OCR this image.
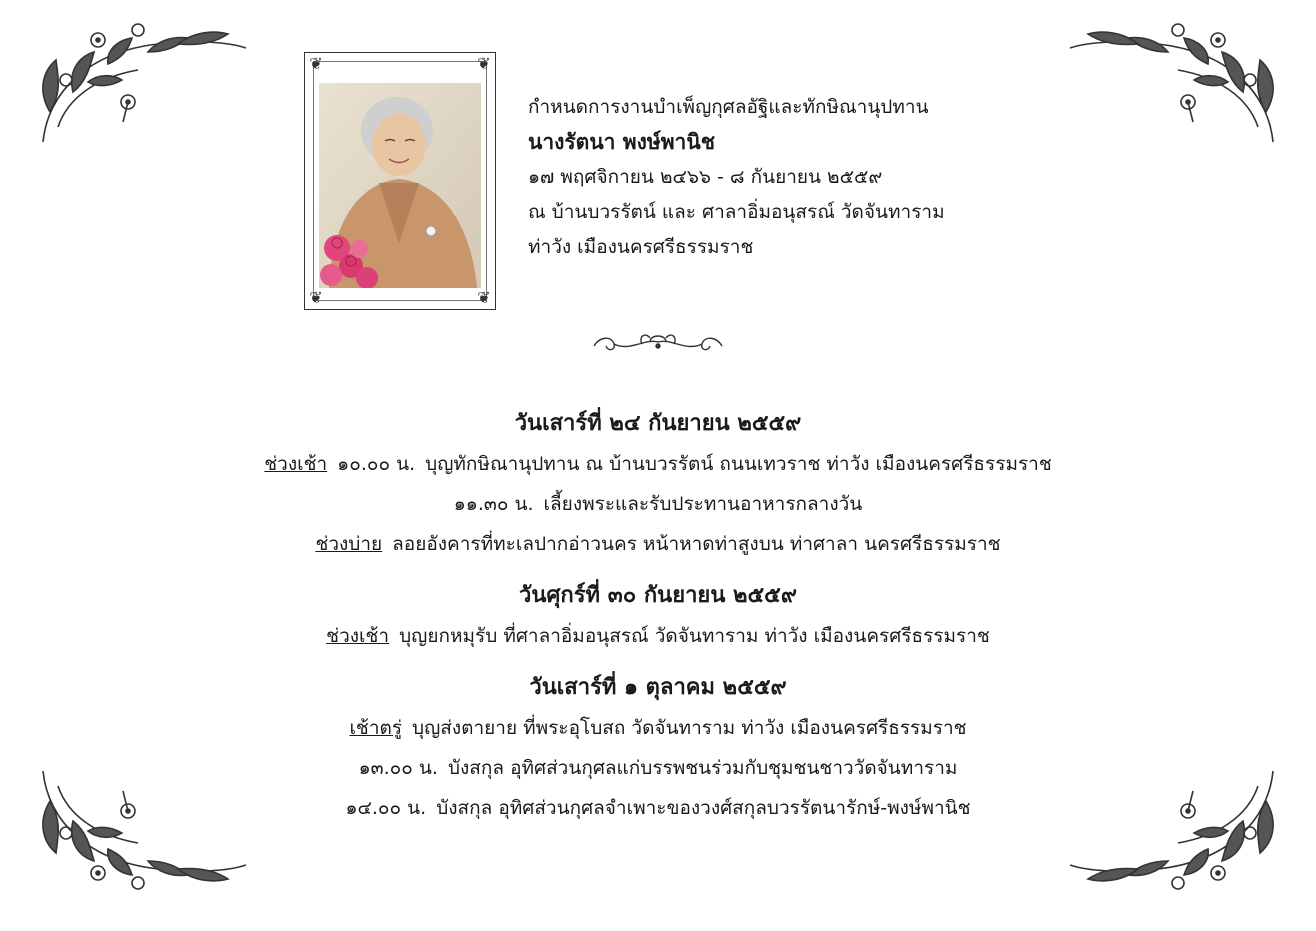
❦	❦
❦	❦
กำหนดการงานบำเพ็ญกุศลอัฐิและทักษิณานุปทาน
นางรัตนา พงษ์พานิช
๑๗ พฤศจิกายน ๒๔๖๖ - ๘ กันยายน ๒๕๕๙
ณ บ้านบวรรัตน์ และ ศาลาอิ่มอนุสรณ์ วัดจันทาราม
ท่าวัง เมืองนครศรีธรรมราช
วันเสาร์ที่ ๒๔ กันยายน ๒๕๕๙
ช่วงเช้า ๑๐.๐๐ น. บุญทักษิณานุปทาน ณ บ้านบวรรัตน์ ถนนเทวราช ท่าวัง เมืองนครศรีธรรมราช
๑๑.๓๐ น. เลี้ยงพระและรับประทานอาหารกลางวัน
ช่วงบ่าย ลอยอังคารที่ทะเลปากอ่าวนคร หน้าหาดท่าสูงบน ท่าศาลา นครศรีธรรมราช
วันศุกร์ที่ ๓๐ กันยายน ๒๕๕๙
ช่วงเช้า บุญยกหมุรับ ที่ศาลาอิ่มอนุสรณ์ วัดจันทาราม ท่าวัง เมืองนครศรีธรรมราช
วันเสาร์ที่ ๑ ตุลาคม ๒๕๕๙
เช้าตรู่ บุญส่งตายาย ที่พระอุโบสถ วัดจันทาราม ท่าวัง เมืองนครศรีธรรมราช
๑๓.๐๐ น. บังสกุล อุทิศส่วนกุศลแก่บรรพชนร่วมกับชุมชนชาววัดจันทาราม
๑๔.๐๐ น. บังสกุล อุทิศส่วนกุศลจำเพาะของวงศ์สกุลบวรรัตนารักษ์-พงษ์พานิช
